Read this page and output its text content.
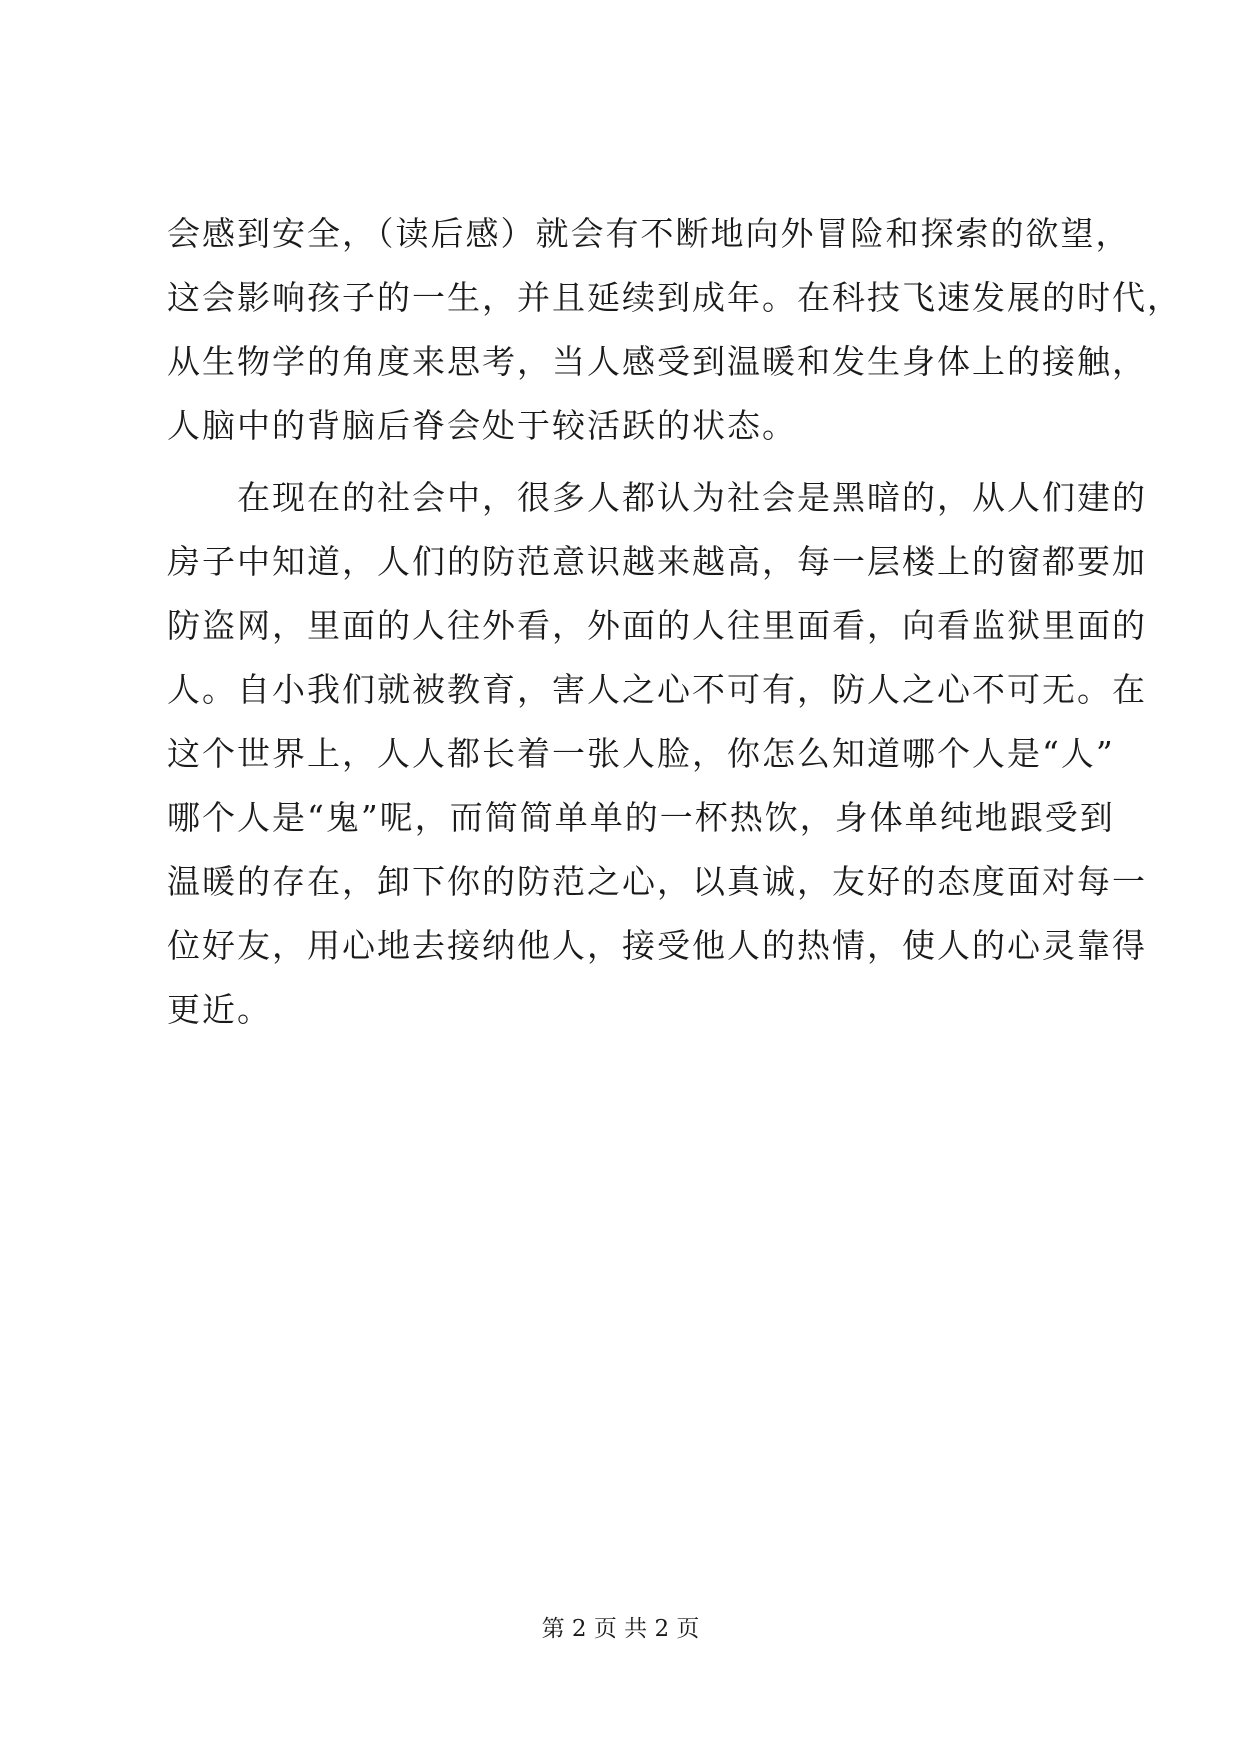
会感到安全，（读后感）就会有不断地向外冒险和探索的欲望，
这会影响孩子的一生，并且延续到成年。在科技飞速发展的时代，
从生物学的角度来思考，当人感受到温暖和发生身体上的接触，
人脑中的背脑后脊会处于较活跃的状态。
　　在现在的社会中，很多人都认为社会是黑暗的，从人们建的
房子中知道，人们的防范意识越来越高，每一层楼上的窗都要加
防盗网，里面的人往外看，外面的人往里面看，向看监狱里面的
人。自小我们就被教育，害人之心不可有，防人之心不可无。在
这个世界上，人人都长着一张人脸，你怎么知道哪个人是“人”
哪个人是“鬼”呢，而简简单单的一杯热饮，身体单纯地跟受到
温暖的存在，卸下你的防范之心，以真诚，友好的态度面对每一
位好友，用心地去接纳他人，接受他人的热情，使人的心灵靠得
更近。
第 2 页 共 2 页
